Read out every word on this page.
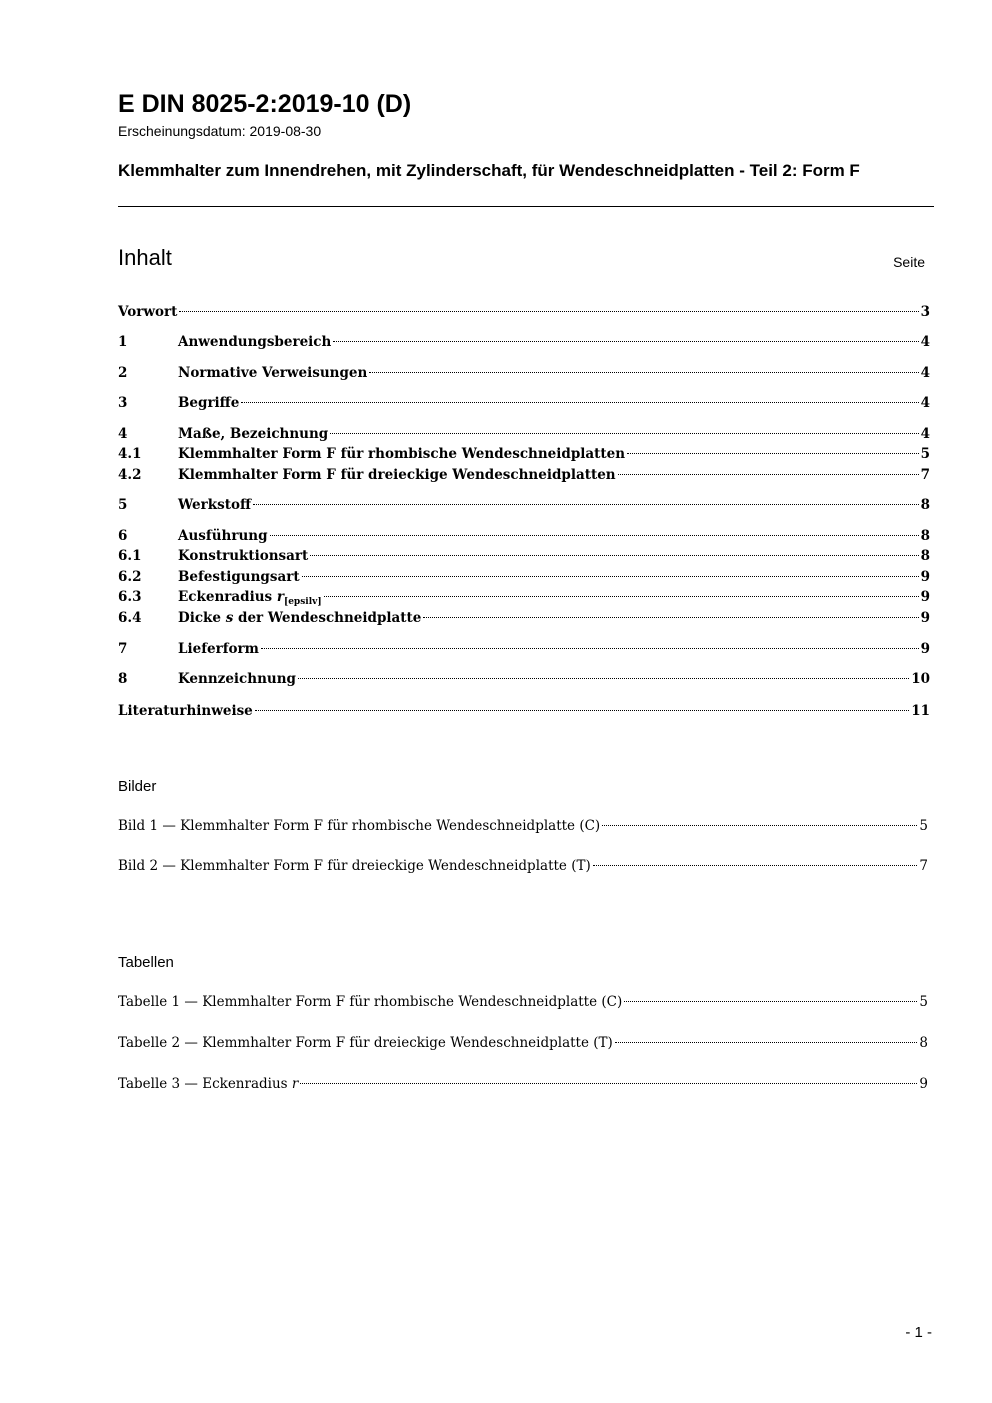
E DIN 8025-2:2019-10 (D)
Erscheinungsdatum: 2019-08-30
Klemmhalter zum Innendrehen, mit Zylinderschaft, für Wendeschneidplatten - Teil 2: Form F
Inhalt	Seite
Vorwort	3
1	Anwendungsbereich	4
2	Normative Verweisungen	4
3	Begriffe	4
4	Maße, Bezeichnung	4
4.1	Klemmhalter Form F für rhombische Wendeschneidplatten	5
4.2	Klemmhalter Form F für dreieckige Wendeschneidplatten	7
5	Werkstoff	8
6	Ausführung	8
6.1	Konstruktionsart	8
6.2	Befestigungsart	9
6.3	Eckenradius $r_{[epsilv]}$	9
6.4	Dicke s der Wendeschneidplatte	9
7	Lieferform	9
8	Kennzeichnung	10
Literaturhinweise	11
Bilder
Bild 1 — Klemmhalter Form F für rhombische Wendeschneidplatte (C)	5
Bild 2 — Klemmhalter Form F für dreieckige Wendeschneidplatte (T)	7
Tabellen
Tabelle 1 — Klemmhalter Form F für rhombische Wendeschneidplatte (C)	5
Tabelle 2 — Klemmhalter Form F für dreieckige Wendeschneidplatte (T)	8
Tabelle 3 — Eckenradius r	9
- 1 -
